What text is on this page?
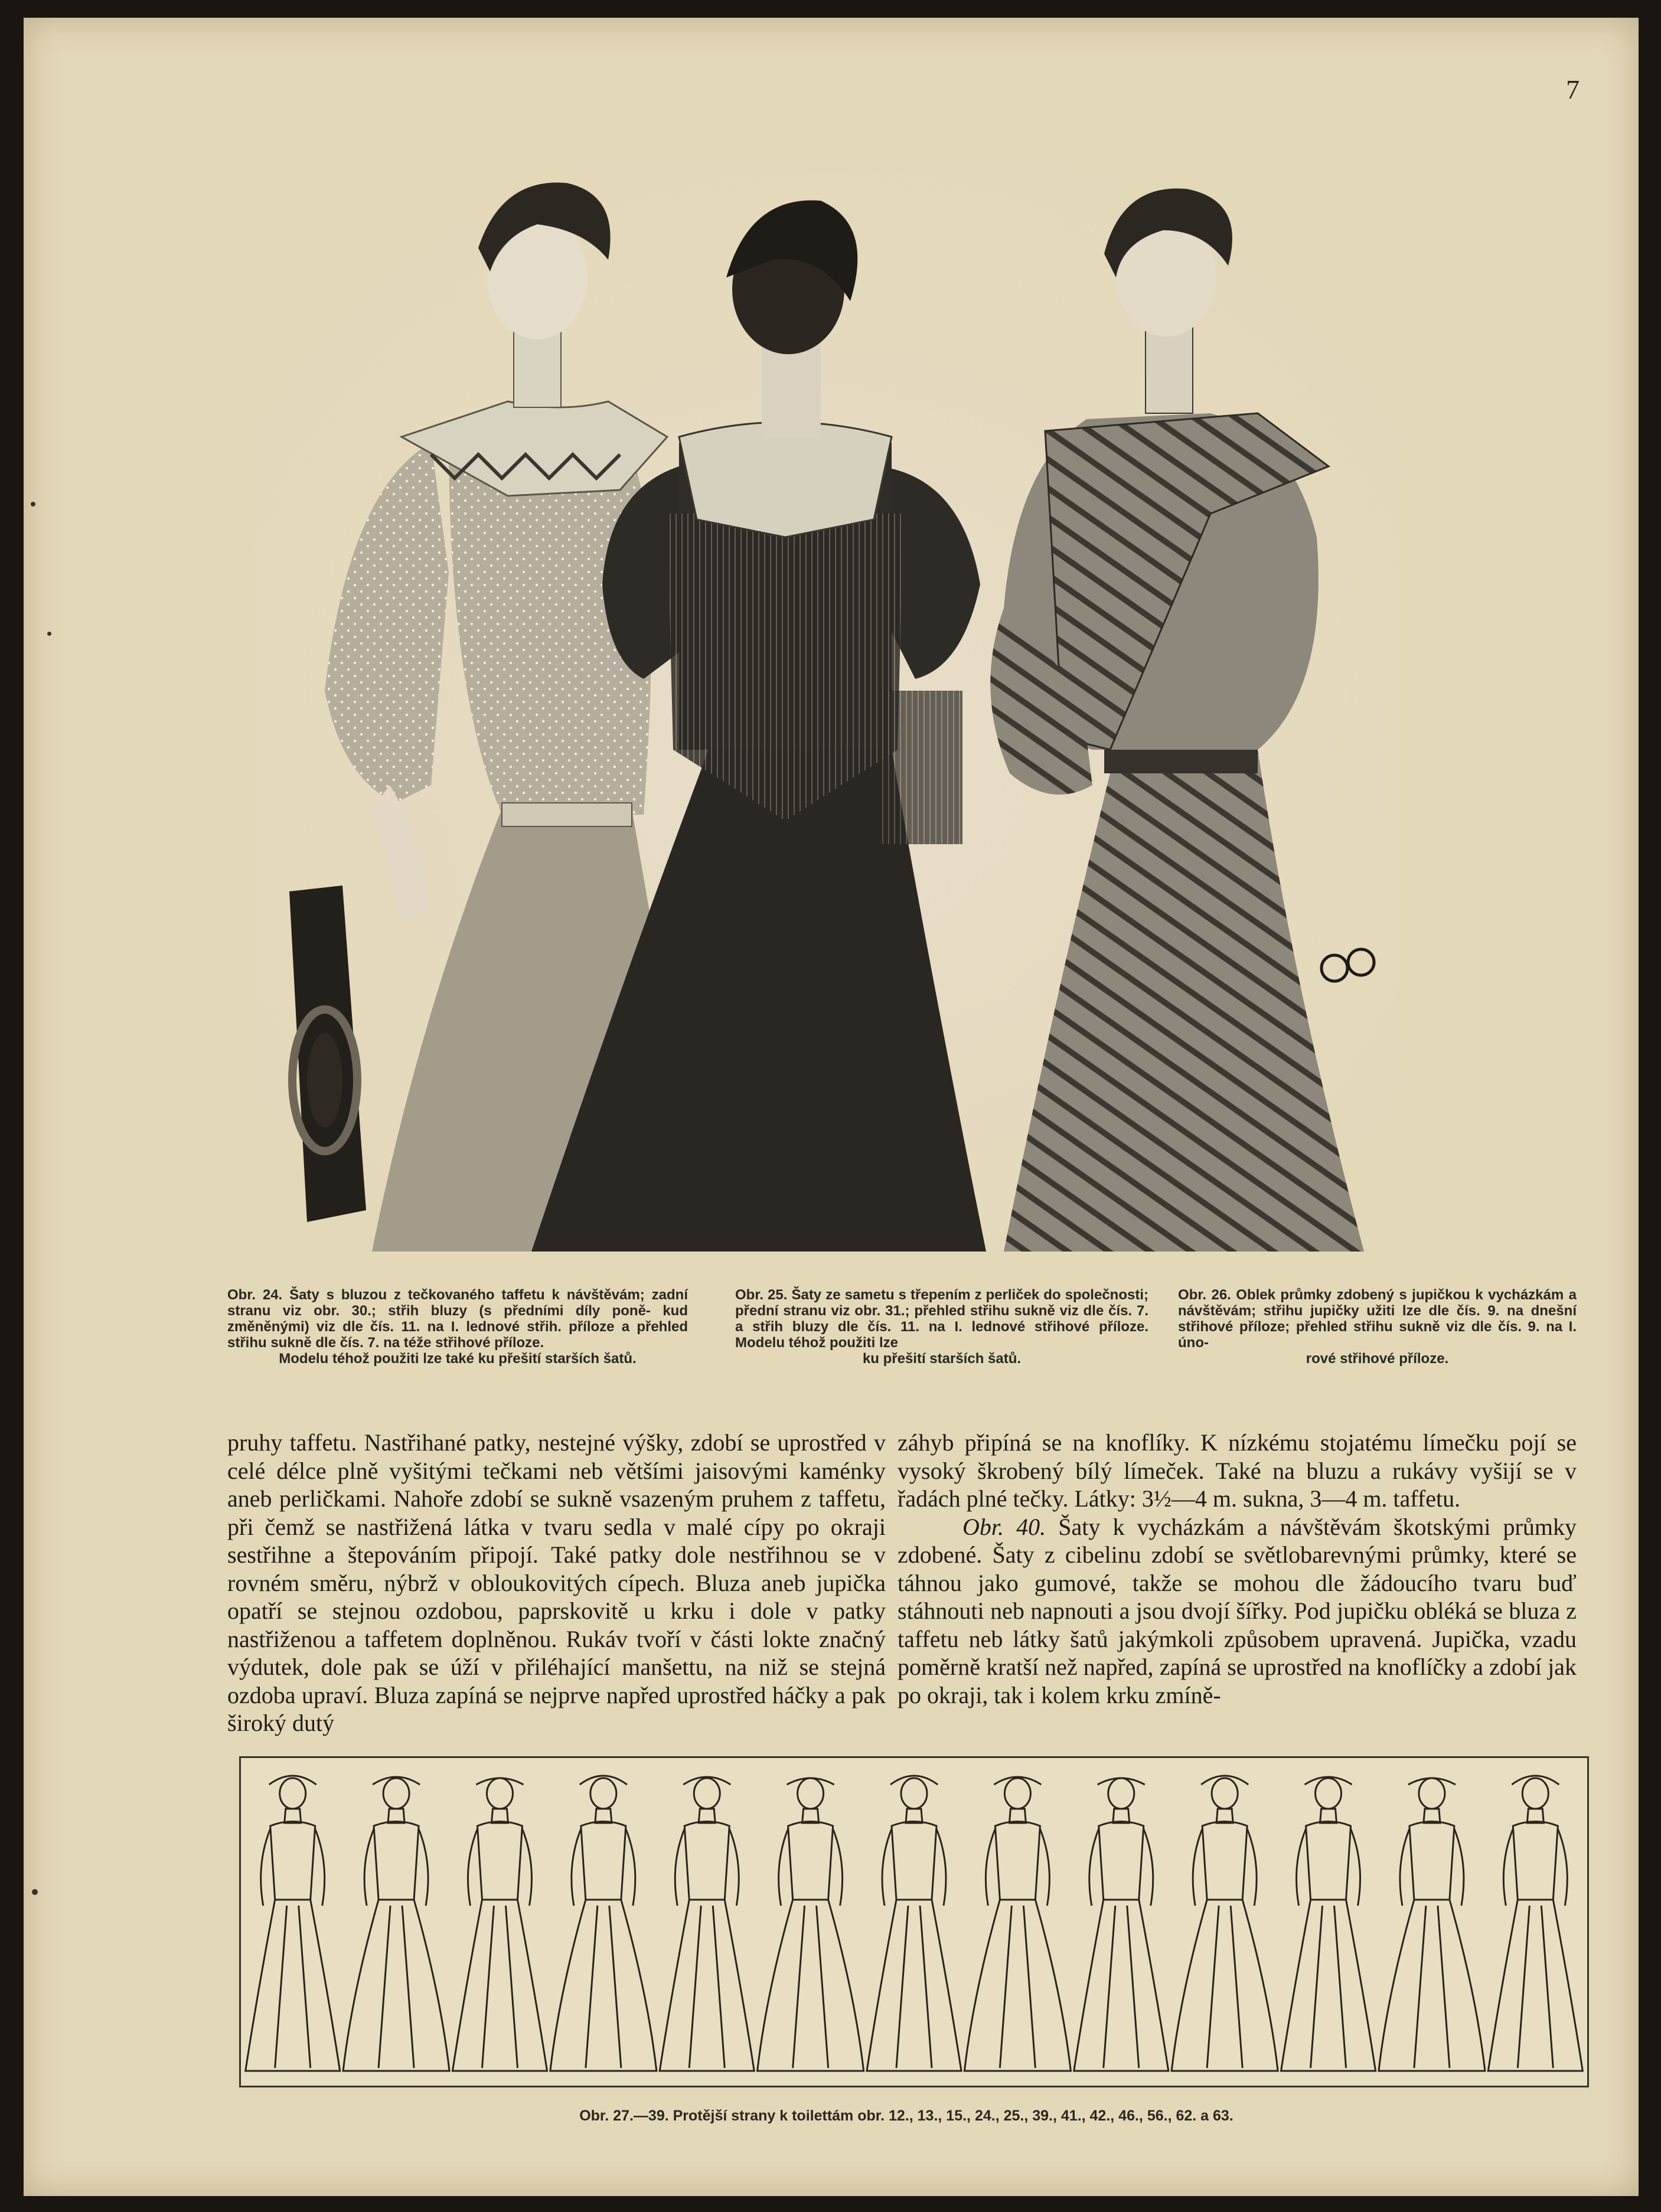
7
Obr. 24. Šaty s bluzou z tečkovaného taffetu k návštěvám; zadní stranu viz obr. 30.; střih bluzy (s předními díly poně- kud změněnými) viz dle čís. 11. na I. lednové střih. příloze a přehled střihu sukně dle čís. 7. na téže střihové příloze.
Modelu téhož použiti lze také ku přešití starších šatů.
Obr. 25. Šaty ze sametu s třepením z perliček do společnosti; přední stranu viz obr. 31.; přehled střihu sukně viz dle čís. 7. a střih bluzy dle čís. 11. na I. lednové střihové příloze. Modelu téhož použiti lze
ku přešití starších šatů.
Obr. 26. Oblek průmky zdobený s jupičkou k vycházkám a návštěvám; střihu jupičky užiti lze dle čís. 9. na dnešní střihové příloze; přehled střihu sukně viz dle čís. 9. na I. úno-
rové střihové příloze.

pruhy taffetu. Nastřihané patky, nestejné výšky, zdobí se uprostřed v celé délce plně vyšitými tečkami neb většími jaisovými kaménky aneb perličkami. Nahoře zdobí se sukně vsazeným pruhem z taffetu, při čemž se nastřižená látka v tvaru sedla v malé cípy po okraji sestřihne a štepováním připojí. Také patky dole nestřihnou se v rovném směru, nýbrž v obloukovitých cípech. Bluza aneb jupička opatří se stejnou ozdobou, paprskovitě u krku i dole v patky nastřiženou a taffetem doplněnou. Rukáv tvoří v části lokte značný výdutek, dole pak se úží v přiléhající manšettu, na niž se stejná ozdoba upraví. Bluza zapíná se nejprve napřed uprostřed háčky a pak široký dutý

záhyb připíná se na knoflíky. K nízkému stojatému límečku pojí se vysoký škrobený bílý límeček. Také na bluzu a rukávy vyšijí se v řadách plné tečky. Látky: 3½—4 m. sukna, 3—4 m. taffetu.

Obr. 40. Šaty k vycházkám a návštěvám škotskými průmky zdobené. Šaty z cibelinu zdobí se světlobarevnými průmky, které se táhnou jako gumové, takže se mohou dle žádoucího tvaru buď stáhnouti neb napnouti a jsou dvojí šířky. Pod jupičku obléká se bluza z taffetu neb látky šatů jakýmkoli způsobem upravená. Jupička, vzadu poměrně kratší než napřed, zapíná se uprostřed na knoflíčky a zdobí jak po okraji, tak i kolem krku zmíně-

Obr. 27.—39. Protější strany k toilettám obr. 12., 13., 15., 24., 25., 39., 41., 42., 46., 56., 62. a 63.
